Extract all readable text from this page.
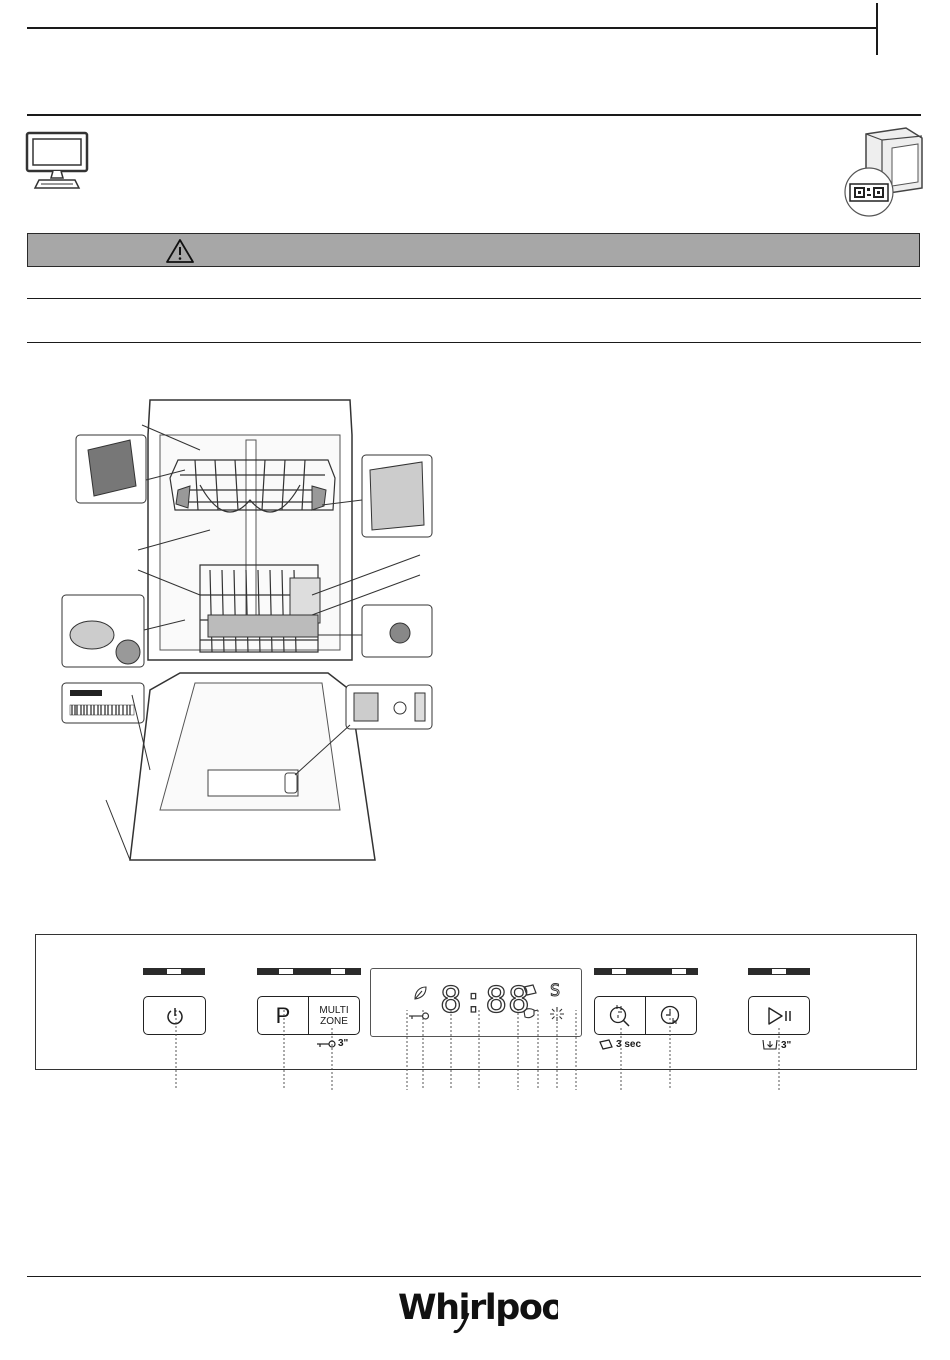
P	MULTI
ZONE
3"
8:88 S
3 sec	3"
Whirlpool
